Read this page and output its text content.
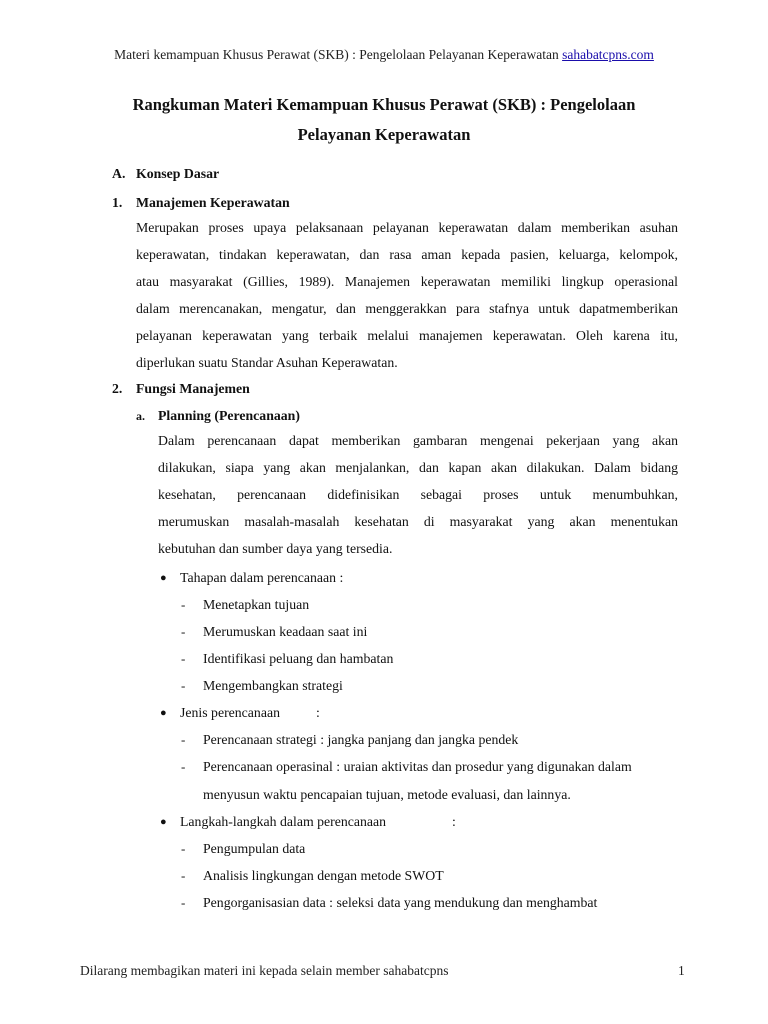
Materi kemampuan Khusus Perawat (SKB) : Pengelolaan Pelayanan Keperawatan sahabatcpns.com
Rangkuman Materi Kemampuan Khusus Perawat (SKB) : Pengelolaan
Pelayanan Keperawatan
A. Konsep Dasar
1. Manajemen Keperawatan
Merupakan proses upaya pelaksanaan pelayanan keperawatan dalam memberikan asuhan
keperawatan, tindakan keperawatan, dan rasa aman kepada pasien, keluarga, kelompok,
atau masyarakat (Gillies, 1989). Manajemen keperawatan memiliki lingkup operasional
dalam merencanakan, mengatur, dan menggerakkan para stafnya untuk dapatmemberikan
pelayanan keperawatan yang terbaik melalui manajemen keperawatan. Oleh karena itu,
diperlukan suatu Standar Asuhan Keperawatan.
2. Fungsi Manajemen
a. Planning (Perencanaan)
Dalam perencanaan dapat memberikan gambaran mengenai pekerjaan yang akan
dilakukan, siapa yang akan menjalankan, dan kapan akan dilakukan. Dalam bidang
kesehatan, perencanaan didefinisikan sebagai proses untuk menumbuhkan,
merumuskan masalah-masalah kesehatan di masyarakat yang akan menentukan
kebutuhan dan sumber daya yang tersedia.
● Tahapan dalam perencanaan :
- Menetapkan tujuan
- Merumuskan keadaan saat ini
- Identifikasi peluang dan hambatan
- Mengembangkan strategi
● Jenis perencanaan	:
- Perencanaan strategi : jangka panjang dan jangka pendek
- Perencanaan operasinal : uraian aktivitas dan prosedur yang digunakan dalam
menyusun waktu pencapaian tujuan, metode evaluasi, dan lainnya.
● Langkah-langkah dalam perencanaan	:
- Pengumpulan data
- Analisis lingkungan dengan metode SWOT
- Pengorganisasian data : seleksi data yang mendukung dan menghambat
Dilarang membagikan materi ini kepada selain member sahabatcpns	1
